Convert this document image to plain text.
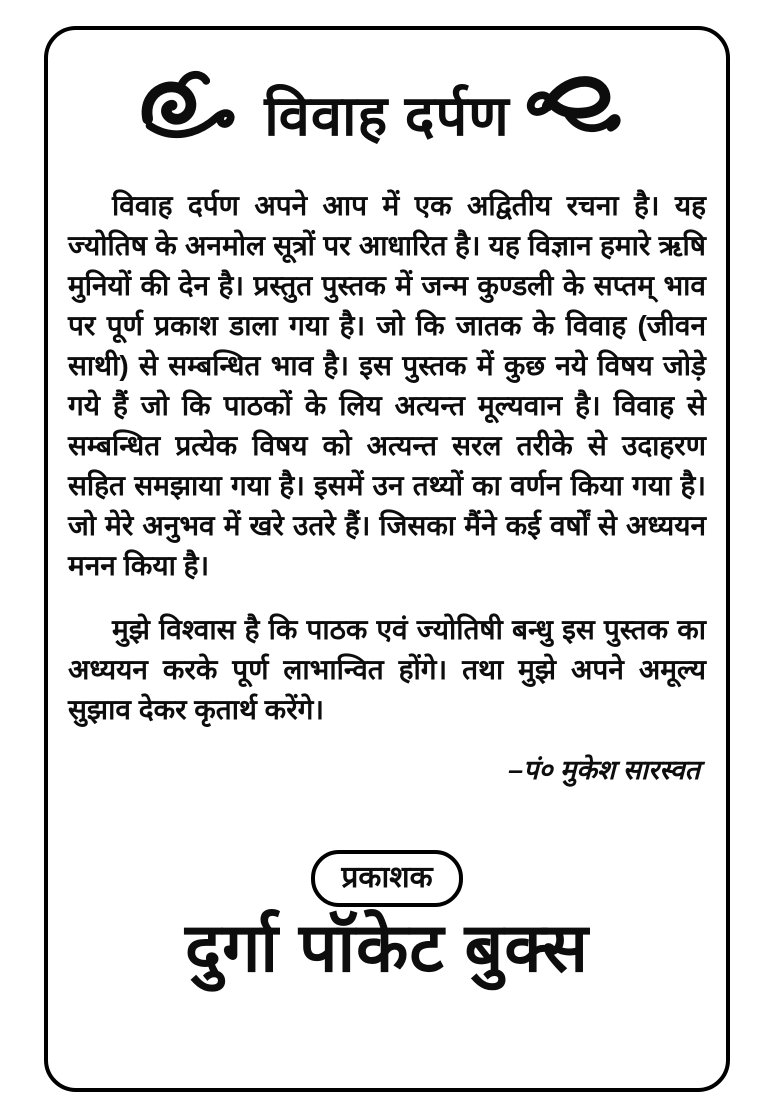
विवाह दर्पण

विवाह दर्पण अपने आप में एक अद्वितीय रचना है। यह ज्योतिष के अनमोल सूत्रों पर आधारित है। यह विज्ञान हमारे ऋषि मुनियों की देन है। प्रस्तुत पुस्तक में जन्म कुण्डली के सप्तम् भाव पर पूर्ण प्रकाश डाला गया है। जो कि जातक के विवाह (जीवन साथी) से सम्बन्धित भाव है। इस पुस्तक में कुछ नये विषय जोड़े गये हैं जो कि पाठकों के लिय अत्यन्त मूल्यवान है। विवाह से सम्बन्धित प्रत्येक विषय को अत्यन्त सरल तरीके से उदाहरण सहित समझाया गया है। इसमें उन तथ्यों का वर्णन किया गया है। जो मेरे अनुभव में खरे उतरे हैं। जिसका मैंने कई वर्षों से अध्ययन मनन किया है।

मुझे विश्वास है कि पाठक एवं ज्योतिषी बन्धु इस पुस्तक का अध्ययन करके पूर्ण लाभान्वित होंगे। तथा मुझे अपने अमूल्य सुझाव देकर कृतार्थ करेंगे।

–पं० मुकेश सारस्वत
प्रकाशक
दुर्गा पॉकेट बुक्स
